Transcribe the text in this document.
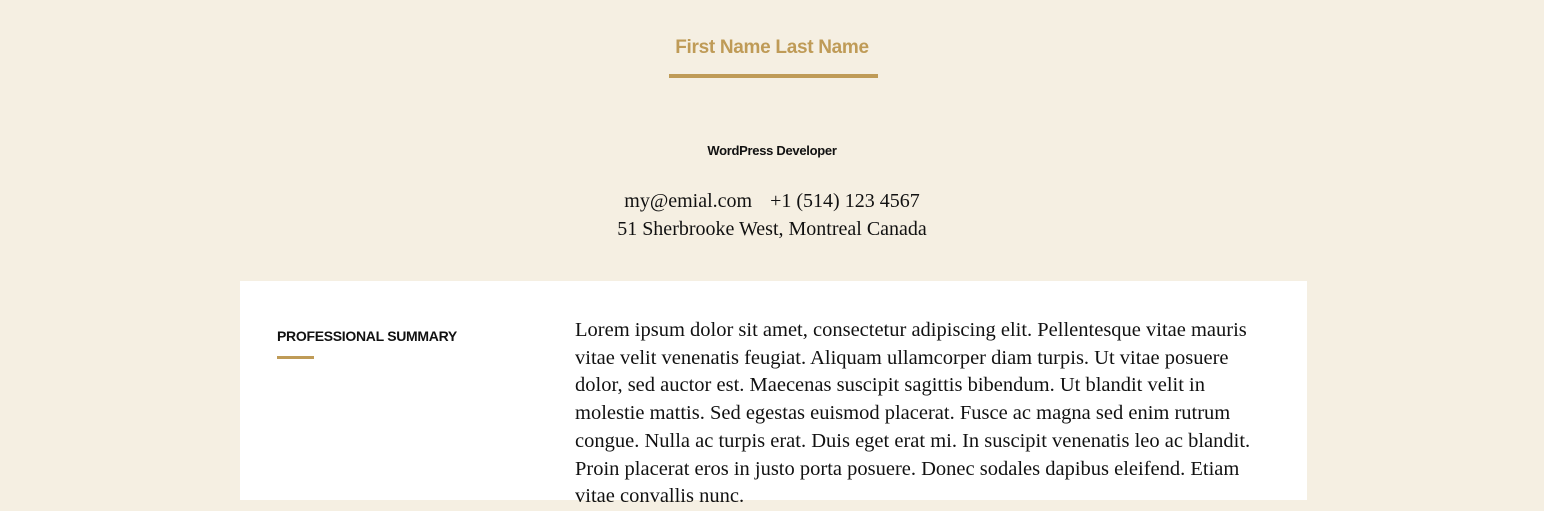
First Name Last Name
WordPress Developer
my@emial.com +1 (514) 123 4567
51 Sherbrooke West, Montreal Canada
PROFESSIONAL SUMMARY	Lorem ipsum dolor sit amet, consectetur adipiscing elit. Pellentesque vitae mauris vitae velit venenatis feugiat. Aliquam ullamcorper diam turpis. Ut vitae posuere dolor, sed auctor est. Maecenas suscipit sagittis bibendum. Ut blandit velit in molestie mattis. Sed egestas euismod placerat. Fusce ac magna sed enim rutrum congue. Nulla ac turpis erat. Duis eget erat mi. In suscipit venenatis leo ac blandit. Proin placerat eros in justo porta posuere. Donec sodales dapibus eleifend. Etiam vitae convallis nunc.
